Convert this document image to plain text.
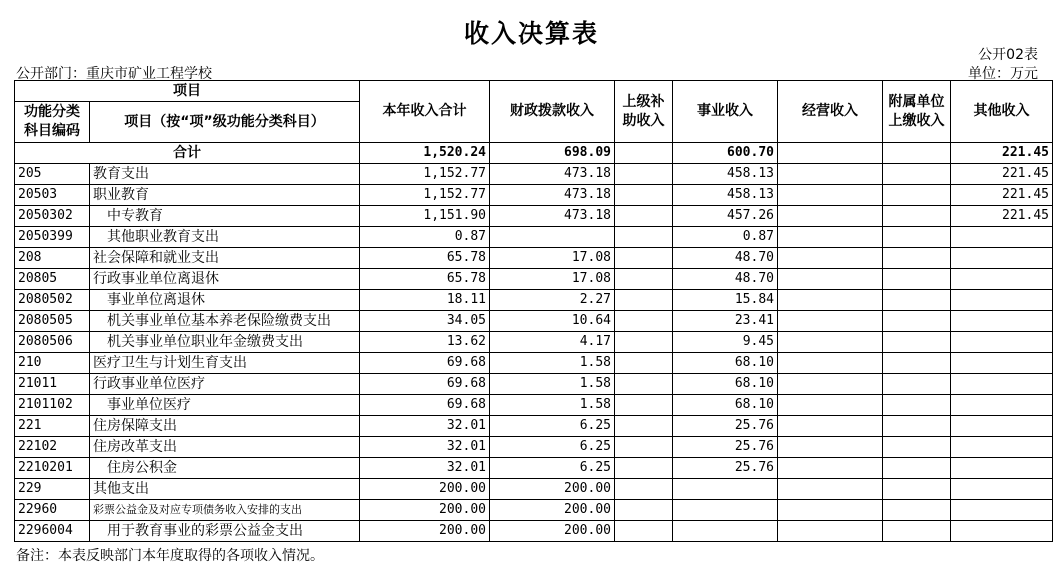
收入决算表
公开02表
公开部门：重庆市矿业工程学校	单位：万元
项目		本年收入合计	财政拨款收入	上级补助收入	事业收入	经营收入	附属单位上缴收入	其他收入
功能分类科目编码	项目（按“项”级功能分类科目）							
合计		1,520.24	698.09		600.70			221.45
205	教育支出	1,152.77	473.18		458.13			221.45
20503	职业教育	1,152.77	473.18		458.13			221.45
2050302	　中专教育	1,151.90	473.18		457.26			221.45
2050399	　其他职业教育支出	0.87			0.87			
208	社会保障和就业支出	65.78	17.08		48.70			
20805	行政事业单位离退休	65.78	17.08		48.70			
2080502	　事业单位离退休	18.11	2.27		15.84			
2080505	　机关事业单位基本养老保险缴费支出	34.05	10.64		23.41			
2080506	　机关事业单位职业年金缴费支出	13.62	4.17		9.45			
210	医疗卫生与计划生育支出	69.68	1.58		68.10			
21011	行政事业单位医疗	69.68	1.58		68.10			
2101102	　事业单位医疗	69.68	1.58		68.10			
221	住房保障支出	32.01	6.25		25.76			
22102	住房改革支出	32.01	6.25		25.76			
2210201	　住房公积金	32.01	6.25		25.76			
229	其他支出	200.00	200.00					
22960	彩票公益金及对应专项债务收入安排的支出	200.00	200.00					
2296004	　用于教育事业的彩票公益金支出	200.00	200.00					
备注：本表反映部门本年度取得的各项收入情况。
